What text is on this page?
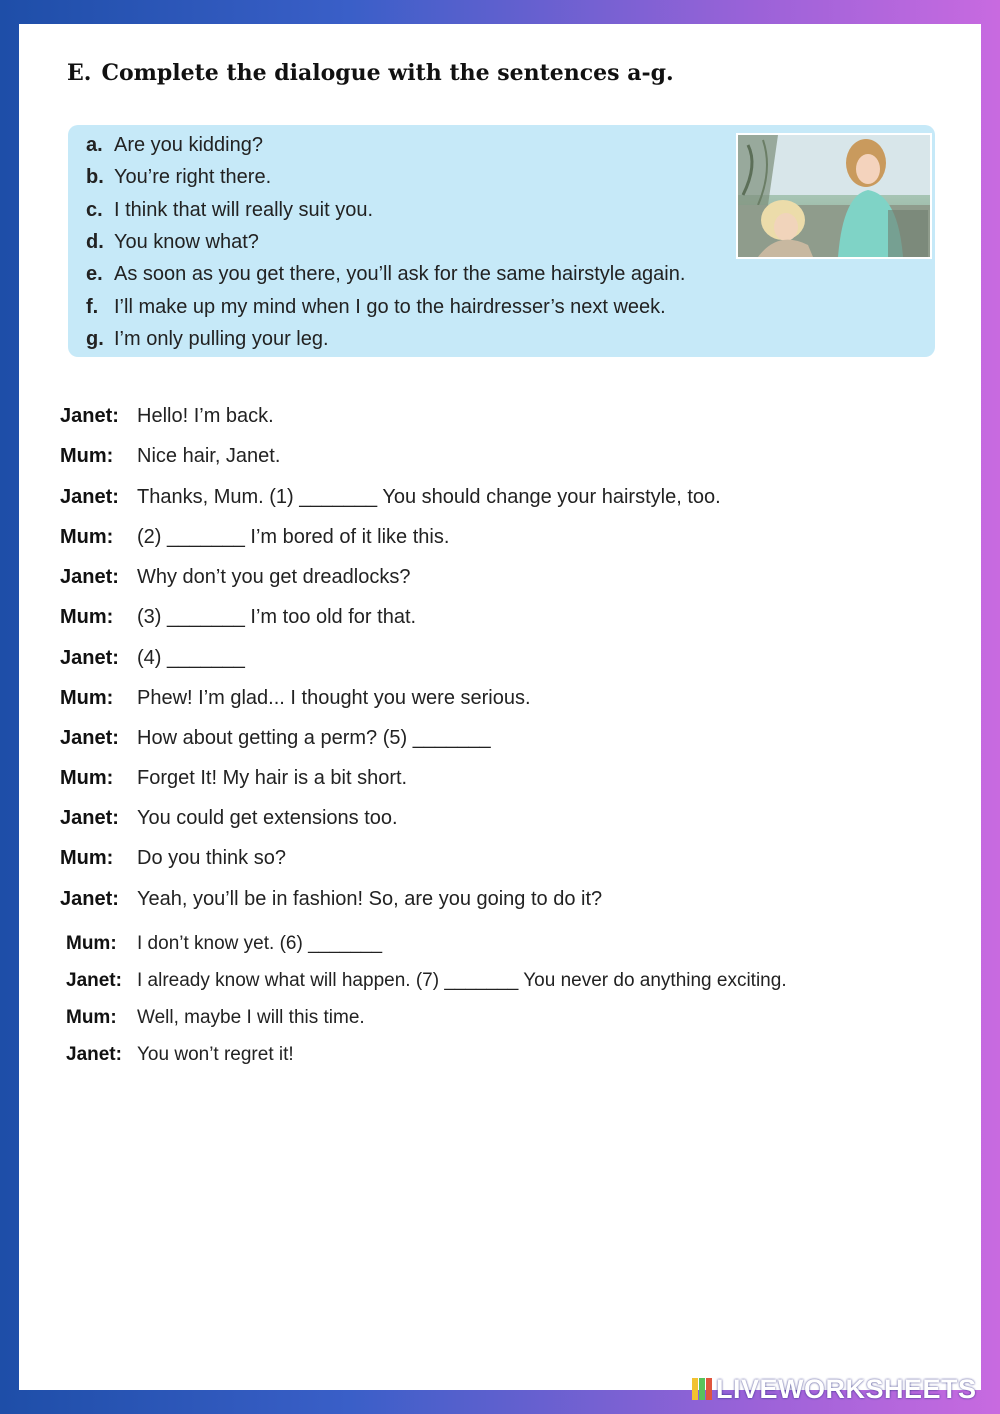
E. Complete the dialogue with the sentences a-g.
a. Are you kidding?
b. You’re right there.
c. I think that will really suit you.
d. You know what?
e. As soon as you get there, you’ll ask for the same hairstyle again.
f. I’ll make up my mind when I go to the hairdresser’s next week.
g. I’m only pulling your leg.
Janet: Hello! I’m back.
Mum: Nice hair, Janet.
Janet: Thanks, Mum. (1) _______ You should change your hairstyle, too.
Mum: (2) _______ I’m bored of it like this.
Janet: Why don’t you get dreadlocks?
Mum: (3) _______ I’m too old for that.
Janet: (4) _______
Mum: Phew! I’m glad... I thought you were serious.
Janet: How about getting a perm? (5) _______
Mum: Forget It! My hair is a bit short.
Janet: You could get extensions too.
Mum: Do you think so?
Janet: Yeah, you’ll be in fashion! So, are you going to do it?
Mum: I don’t know yet. (6) _______
Janet: I already know what will happen. (7) _______ You never do anything exciting.
Mum: Well, maybe I will this time.
Janet: You won’t regret it!
LIVEWORKSHEETS
